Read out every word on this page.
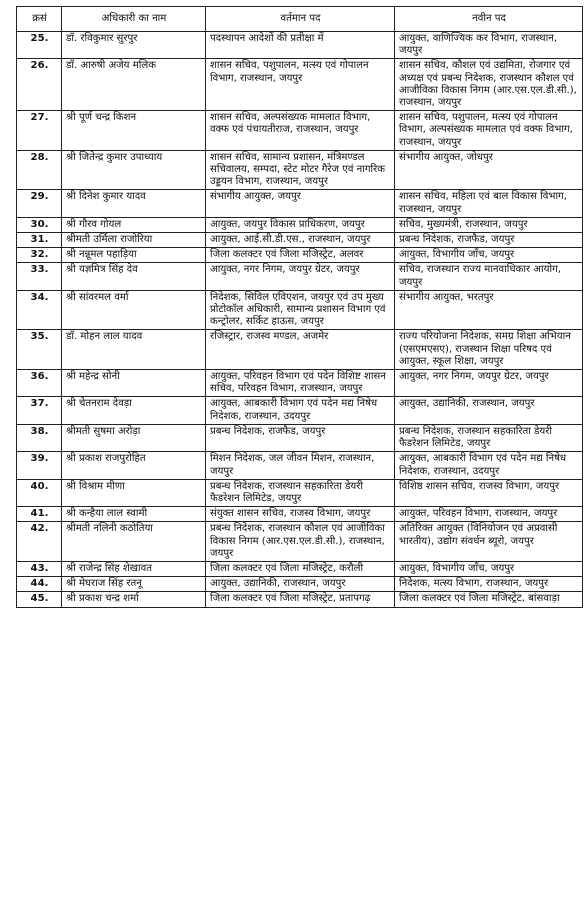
क्रसं	अधिकारी का नाम	वर्तमान पद	नवीन पद
25.	डॉ. रविकुमार सुरपुर	पदस्थापन आदेशों की प्रतीक्षा में	आयुक्त, वाणिज्यिक कर विभाग, राजस्थान, जयपुर
26.	डॉ. आरुषी अजेय मलिक	शासन सचिव, पशुपालन, मत्स्य एवं गोपालन विभाग, राजस्थान, जयपुर	शासन सचिव, कौशल एवं उद्यमिता, रोजगार एवं अध्यक्ष एवं प्रबन्ध निदेशक, राजस्थान कौशल एवं आजीविका विकास निगम (आर.एस.एल.डी.सी.), राजस्थान, जयपुर
27.	श्री पूर्ण चन्द्र किशन	शासन सचिव, अल्पसंख्यक मामलात विभाग, वक्फ एवं पंचायतीराज, राजस्थान, जयपुर	शासन सचिव, पशुपालन, मत्स्य एवं गोपालन विभाग, अल्पसंख्यक मामलात एवं वक्फ विभाग, राजस्थान, जयपुर
28.	श्री जितेन्द्र कुमार उपाध्याय	शासन सचिव, सामान्य प्रशासन, मंत्रिमण्डल सचिवालय, सम्पदा, स्टेट मोटर गैरेज एवं नागरिक उड्डयन विभाग, राजस्थान, जयपुर	संभागीय आयुक्त, जोधपुर
29.	श्री दिनेश कुमार यादव	संभागीय आयुक्त, जयपुर	शासन सचिव, महिला एवं बाल विकास विभाग, राजस्थान, जयपुर
30.	श्री गौरव गोयल	आयुक्त, जयपुर विकास प्राधिकरण, जयपुर	सचिव, मुख्यमंत्री, राजस्थान, जयपुर
31.	श्रीमती उर्मिला राजोरिया	आयुक्त, आई.सी.डी.एस., राजस्थान, जयपुर	प्रबन्ध निदेशक, राजफैड, जयपुर
32.	श्री नन्नूमल पहाड़िया	जिला कलक्टर एवं जिला मजिस्ट्रेट, अलवर	आयुक्त, विभागीय जाँच, जयपुर
33.	श्री यज्ञमित्र सिंह देव	आयुक्त, नगर निगम, जयपुर ग्रेटर, जयपुर	सचिव, राजस्थान राज्य मानवाधिकार आयोग, जयपुर
34.	श्री सांवरमल वर्मा	निदेशक, सिविल एविएशन, जयपुर एवं उप मुख्य प्रोटोकॉल अधिकारी, सामान्य प्रशासन विभाग एवं कन्ट्रोलर, सर्किट हाऊस, जयपुर	संभागीय आयुक्त, भरतपुर
35.	डॉ. मोहन लाल यादव	रजिस्ट्रार, राजस्व मण्डल, अजमेर	राज्य परियोजना निदेशक, समग्र शिक्षा अभियान (एसएमएसए), राजस्थान शिक्षा परिषद एवं आयुक्त, स्कूल शिक्षा, जयपुर
36.	श्री महेन्द्र सोनी	आयुक्त, परिवहन विभाग एवं पदेन विशिष्ट शासन सचिव, परिवहन विभाग, राजस्थान, जयपुर	आयुक्त, नगर निगम, जयपुर ग्रेटर, जयपुर
37.	श्री चेतनराम देवड़ा	आयुक्त, आबकारी विभाग एवं पदेन मद्य निषेध निदेशक, राजस्थान, उदयपुर	आयुक्त, उद्यानिकी, राजस्थान, जयपुर
38.	श्रीमती सुषमा अरोड़ा	प्रबन्ध निदेशक, राजफैड, जयपुर	प्रबन्ध निदेशक, राजस्थान सहकारिता डेयरी फैडरेशन लिमिटेड, जयपुर
39.	श्री प्रकाश राजपुरोहित	मिशन निदेशक, जल जीवन मिशन, राजस्थान, जयपुर	आयुक्त, आबकारी विभाग एवं पदेन मद्य निषेध निदेशक, राजस्थान, उदयपुर
40.	श्री विश्राम मीणा	प्रबन्ध निदेशक, राजस्थान सहकारिता डेयरी फैडरेशन लिमिटेड, जयपुर	विशिष्ठ शासन सचिव, राजस्व विभाग, जयपुर
41.	श्री कन्हैया लाल स्वामी	संयुक्त शासन सचिव, राजस्व विभाग, जयपुर	आयुक्त, परिवहन विभाग, राजस्थान, जयपुर
42.	श्रीमती नलिनी कठोतिया	प्रबन्ध निदेशक, राजस्थान कौशल एवं आजीविका विकास निगम (आर.एस.एल.डी.सी.), राजस्थान, जयपुर	अतिरिक्त आयुक्त (विनियोजन एवं अप्रवासी भारतीय), उद्योग संवर्धन ब्यूरो, जयपुर
43.	श्री राजेन्द्र सिंह शेखावत	जिला कलक्टर एवं जिला मजिस्ट्रेट, करौली	आयुक्त, विभागीय जाँच, जयपुर
44.	श्री मेघराज सिंह रतनू	आयुक्त, उद्यानिकी, राजस्थान, जयपुर	निदेशक, मत्स्य विभाग, राजस्थान, जयपुर
45.	श्री प्रकाश चन्द्र शर्मा	जिला कलक्टर एवं जिला मजिस्ट्रेट, प्रतापगढ़	जिला कलक्टर एवं जिला मजिस्ट्रेट, बांसवाड़ा
